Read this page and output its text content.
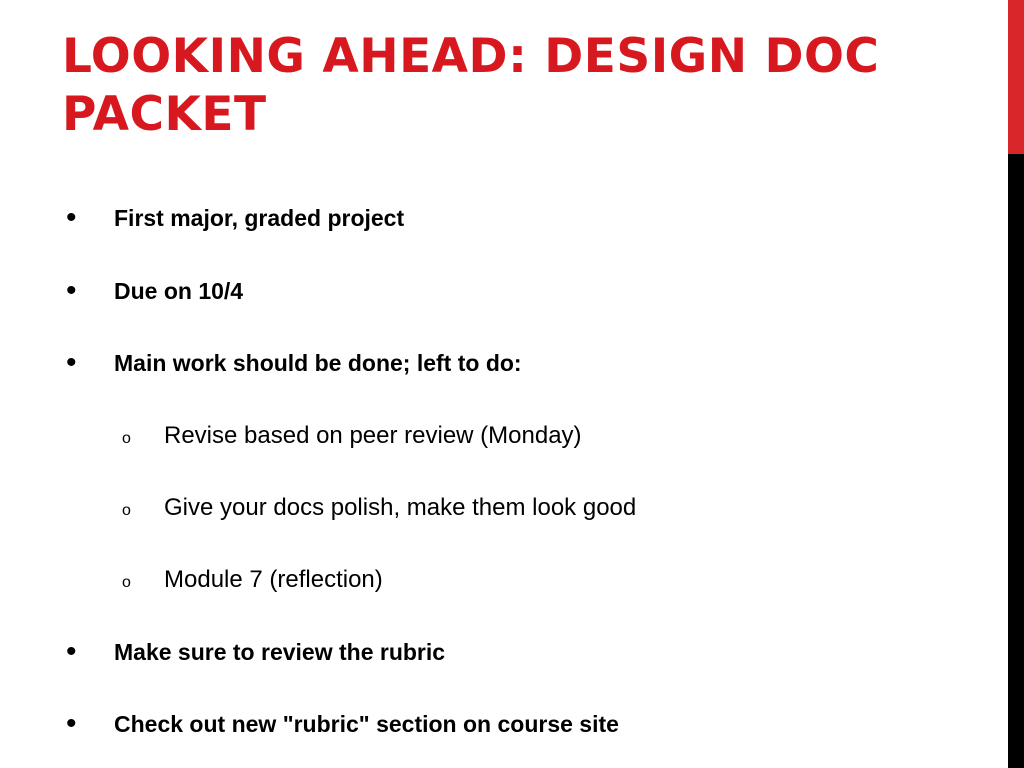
LOOKING AHEAD: DESIGN DOC PACKET
• First major, graded project
• Due on 10/4
• Main work should be done; left to do:
o Revise based on peer review (Monday)
o Give your docs polish, make them look good
o Module 7 (reflection)
• Make sure to review the rubric
• Check out new "rubric" section on course site
